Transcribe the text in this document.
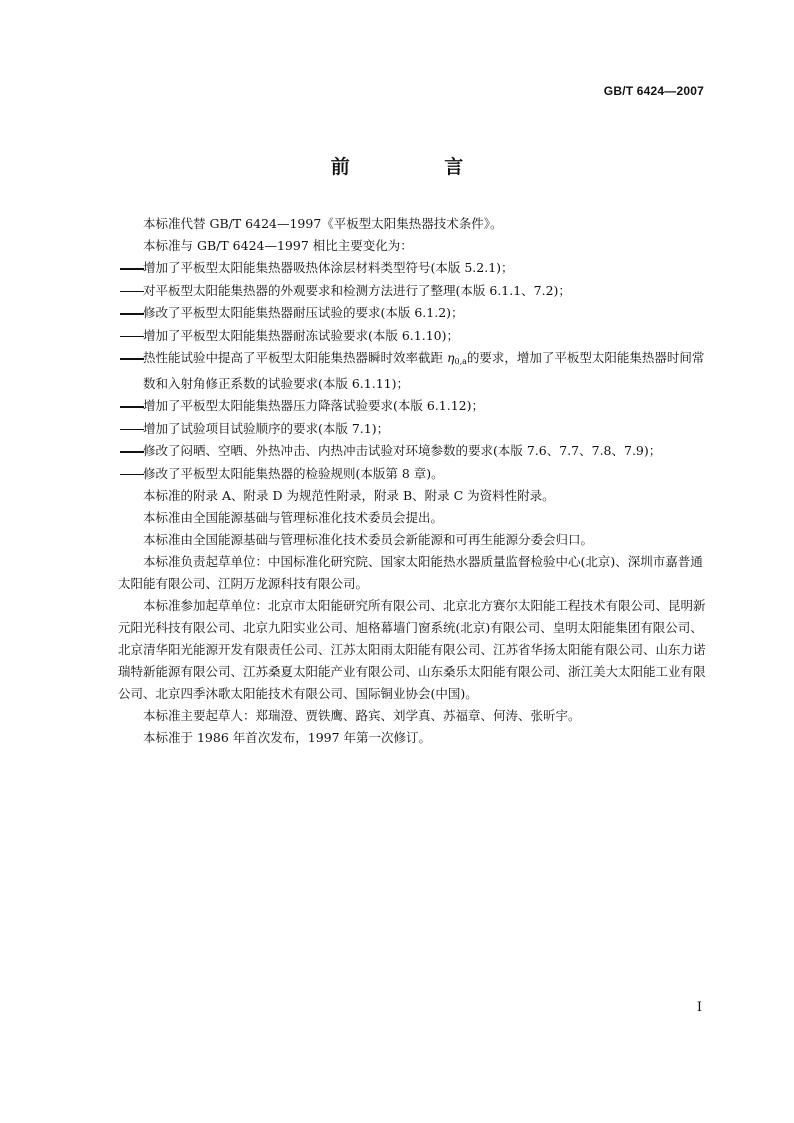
GB/T 6424—2007
前 言

本标准代替 GB/T 6424—1997《平板型太阳集热器技术条件》。

本标准与 GB/T 6424—1997 相比主要变化为：

增加了平板型太阳能集热器吸热体涂层材料类型符号(本版 5.2.1)；

对平板型太阳能集热器的外观要求和检测方法进行了整理(本版 6.1.1、7.2)；

修改了平板型太阳能集热器耐压试验的要求(本版 6.1.2)；

增加了平板型太阳能集热器耐冻试验要求(本版 6.1.10)；

热性能试验中提高了平板型太阳能集热器瞬时效率截距 $\eta_{0,a}$的要求，增加了平板型太阳能集热器时间常数和入射角修正系数的试验要求(本版 6.1.11)；

增加了平板型太阳能集热器压力降落试验要求(本版 6.1.12)；

增加了试验项目试验顺序的要求(本版 7.1)；

修改了闷晒、空晒、外热冲击、内热冲击试验对环境参数的要求(本版 7.6、7.7、7.8、7.9)；

修改了平板型太阳能集热器的检验规则(本版第 8 章)。

本标准的附录 A、附录 D 为规范性附录，附录 B、附录 C 为资料性附录。

本标准由全国能源基础与管理标准化技术委员会提出。

本标准由全国能源基础与管理标准化技术委员会新能源和可再生能源分委会归口。

本标准负责起草单位：中国标准化研究院、国家太阳能热水器质量监督检验中心(北京)、深圳市嘉普通太阳能有限公司、江阴万龙源科技有限公司。

本标准参加起草单位：北京市太阳能研究所有限公司、北京北方赛尔太阳能工程技术有限公司、昆明新元阳光科技有限公司、北京九阳实业公司、旭格幕墙门窗系统(北京)有限公司、皇明太阳能集团有限公司、北京清华阳光能源开发有限责任公司、江苏太阳雨太阳能有限公司、江苏省华扬太阳能有限公司、山东力诺瑞特新能源有限公司、江苏桑夏太阳能产业有限公司、山东桑乐太阳能有限公司、浙江美大太阳能工业有限公司、北京四季沐歌太阳能技术有限公司、国际铜业协会(中国)。

本标准主要起草人：郑瑞澄、贾铁鹰、路宾、刘学真、苏福章、何涛、张昕宇。

本标准于 1986 年首次发布，1997 年第一次修订。

I
